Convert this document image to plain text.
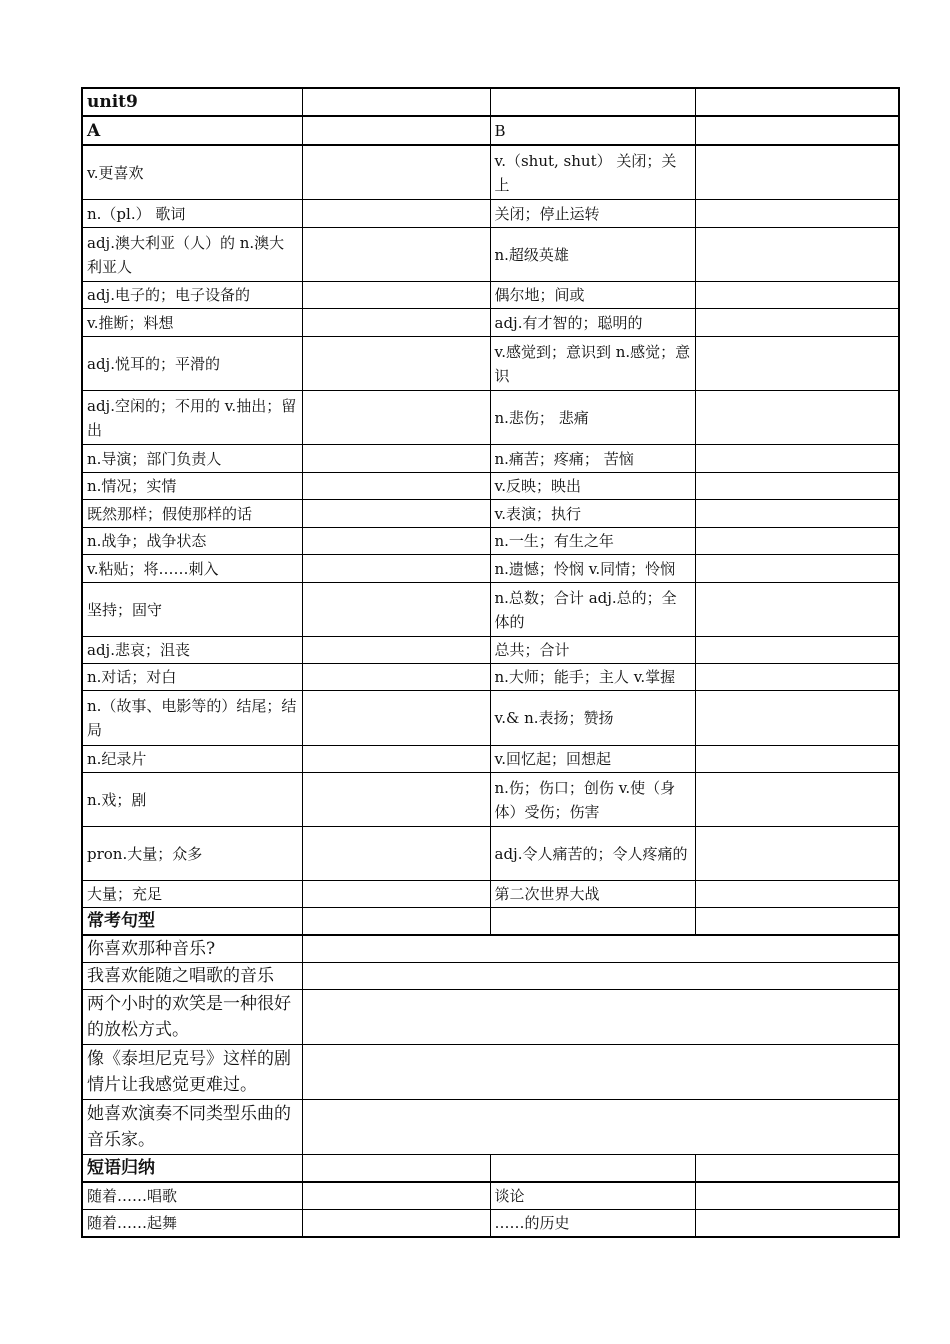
unit9			
A		B	
v.更喜欢		v.（shut, shut） 关闭；关上	
n.（pl.） 歌词		关闭；停止运转	
adj.澳大利亚（人）的 n.澳大利亚人		n.超级英雄	
adj.电子的；电子设备的		偶尔地；间或	
v.推断；料想		adj.有才智的；聪明的	
adj.悦耳的；平滑的		v.感觉到；意识到 n.感觉；意识	
adj.空闲的；不用的 v.抽出；留出		n.悲伤； 悲痛	
n.导演；部门负责人		n.痛苦；疼痛； 苦恼	
n.情况；实情		v.反映；映出	
既然那样；假使那样的话		v.表演；执行	
n.战争；战争状态		n.一生；有生之年	
v.粘贴；将……刺入		n.遗憾；怜悯 v.同情；怜悯	
坚持；固守		n.总数；合计 adj.总的；全体的	
adj.悲哀；沮丧		总共；合计	
n.对话；对白		n.大师；能手；主人 v.掌握	
n.（故事、电影等的）结尾；结局		v.& n.表扬；赞扬	
n.纪录片		v.回忆起；回想起	
n.戏；剧		n.伤；伤口；创伤 v.使（身体）受伤；伤害	
pron.大量；众多		adj.令人痛苦的；令人疼痛的	
大量；充足		第二次世界大战	
常考句型			
你喜欢那种音乐?			
我喜欢能随之唱歌的音乐			
两个小时的欢笑是一种很好的放松方式。			
像《泰坦尼克号》这样的剧情片让我感觉更难过。			
她喜欢演奏不同类型乐曲的音乐家。			
短语归纳			
随着……唱歌		谈论	
随着……起舞		……的历史	
